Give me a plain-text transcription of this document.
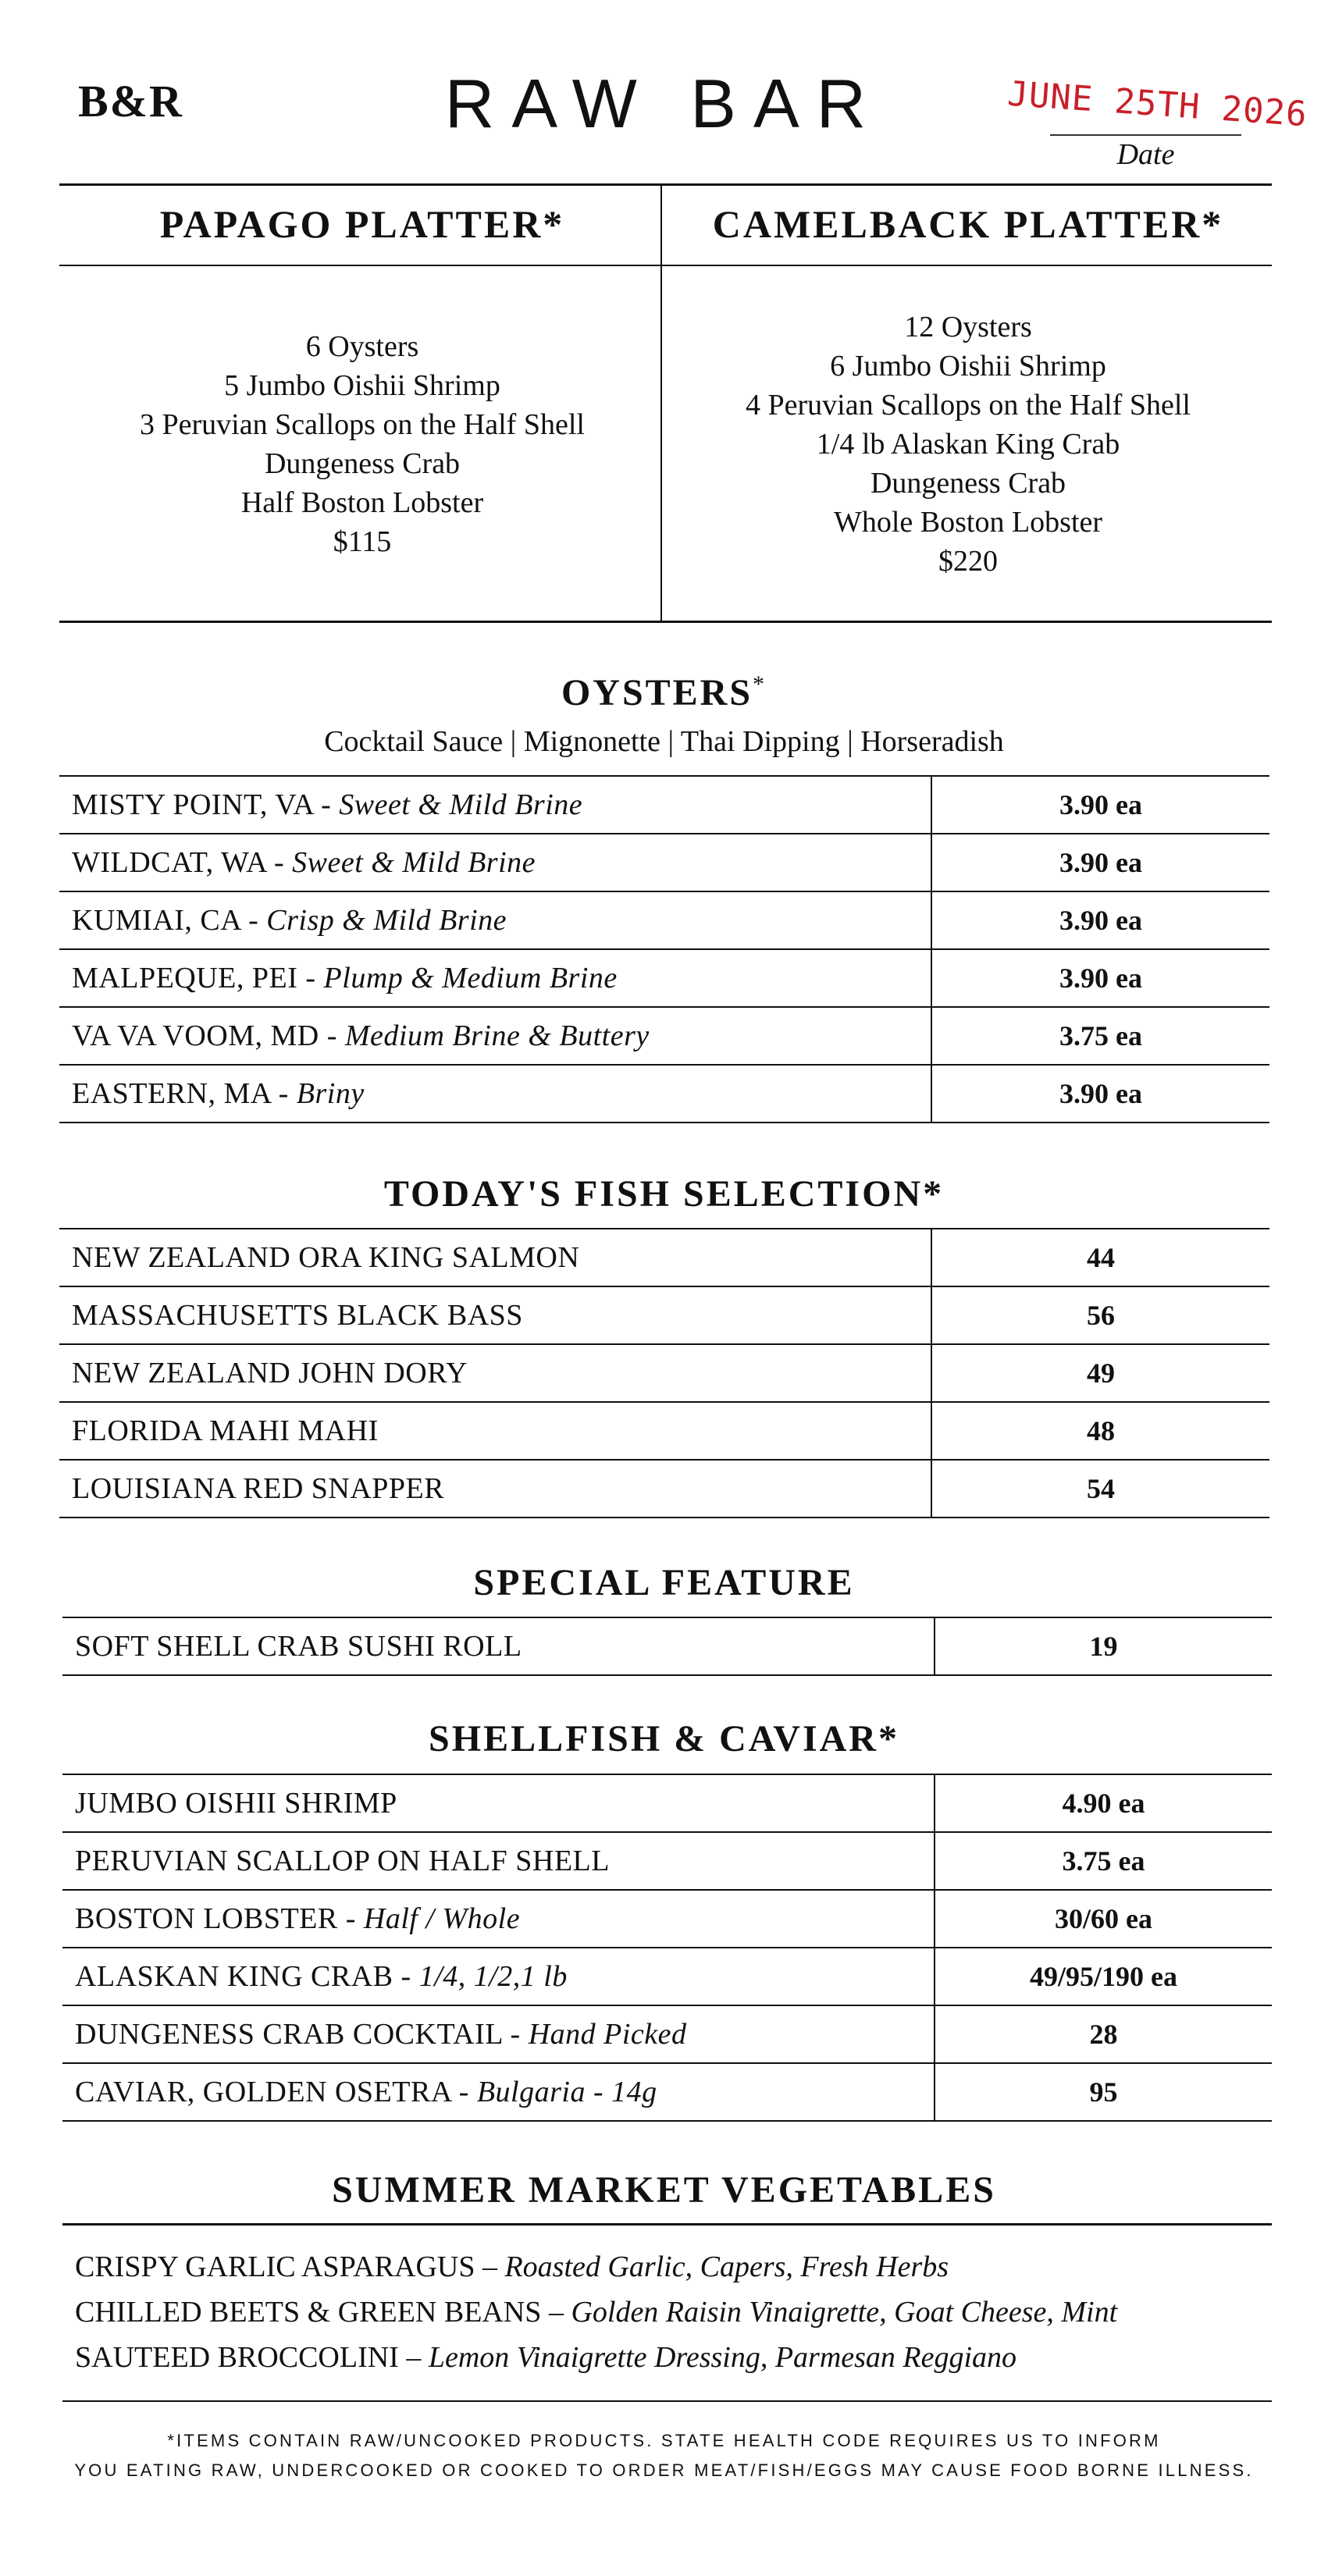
B&R	RAW BAR	JUNE 25TH 2026
Date
PAPAGO PLATTER*
6 Oysters
5 Jumbo Oishii Shrimp
3 Peruvian Scallops on the Half Shell
Dungeness Crab
Half Boston Lobster
$115
CAMELBACK PLATTER*
12 Oysters
6 Jumbo Oishii Shrimp
4 Peruvian Scallops on the Half Shell
1/4 lb Alaskan King Crab
Dungeness Crab
Whole Boston Lobster
$220
OYSTERS*
Cocktail Sauce | Mignonette | Thai Dipping | Horseradish
MISTY POINT, VA - Sweet & Mild Brine	3.90 ea
WILDCAT, WA - Sweet & Mild Brine	3.90 ea
KUMIAI, CA - Crisp & Mild Brine	3.90 ea
MALPEQUE, PEI - Plump & Medium Brine	3.90 ea
VA VA VOOM, MD - Medium Brine & Buttery	3.75 ea
EASTERN, MA - Briny	3.90 ea
TODAY'S FISH SELECTION*
NEW ZEALAND ORA KING SALMON	44
MASSACHUSETTS BLACK BASS	56
NEW ZEALAND JOHN DORY	49
FLORIDA MAHI MAHI	48
LOUISIANA RED SNAPPER	54
SPECIAL FEATURE
SOFT SHELL CRAB SUSHI ROLL	19
SHELLFISH & CAVIAR*
JUMBO OISHII SHRIMP	4.90 ea
PERUVIAN SCALLOP ON HALF SHELL	3.75 ea
BOSTON LOBSTER - Half / Whole	30/60 ea
ALASKAN KING CRAB - 1/4, 1/2,1 lb	49/95/190 ea
DUNGENESS CRAB COCKTAIL - Hand Picked	28
CAVIAR, GOLDEN OSETRA - Bulgaria - 14g	95
SUMMER MARKET VEGETABLES
CRISPY GARLIC ASPARAGUS – Roasted Garlic, Capers, Fresh Herbs
CHILLED BEETS & GREEN BEANS – Golden Raisin Vinaigrette, Goat Cheese, Mint
SAUTEED BROCCOLINI – Lemon Vinaigrette Dressing, Parmesan Reggiano
*ITEMS CONTAIN RAW/UNCOOKED PRODUCTS. STATE HEALTH CODE REQUIRES US TO INFORM
YOU EATING RAW, UNDERCOOKED OR COOKED TO ORDER MEAT/FISH/EGGS MAY CAUSE FOOD BORNE ILLNESS.
